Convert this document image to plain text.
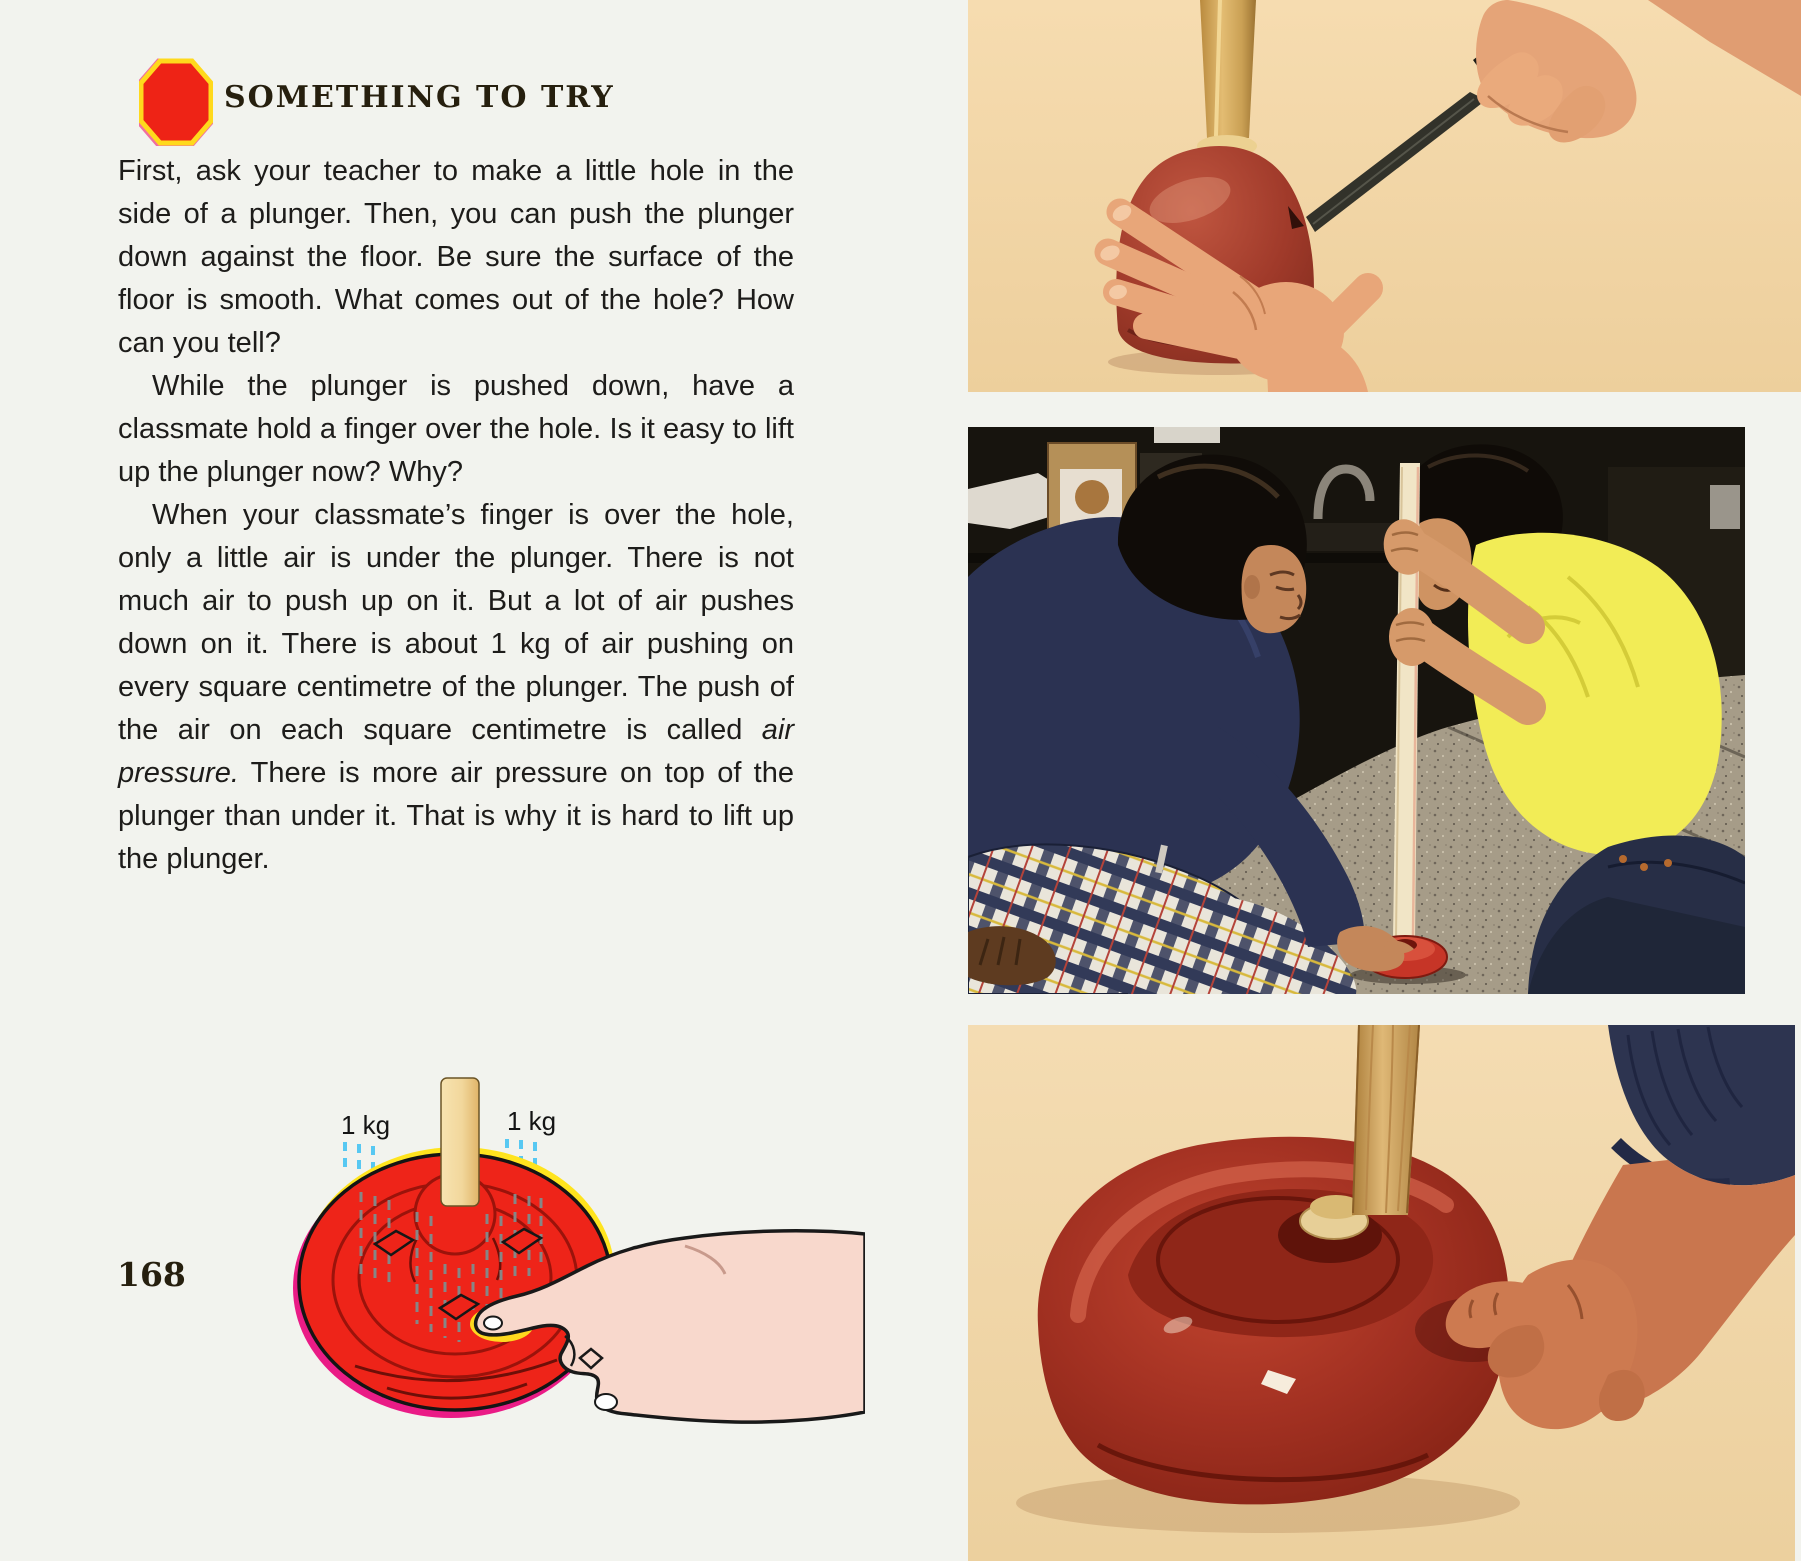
SOMETHING TO TRY

First, ask your teacher to make a little hole in the side of a plunger. Then, you can push the plunger down against the floor. Be sure the surface of the floor is smooth. What comes out of the hole? How can you tell?

While the plunger is pushed down, have a classmate hold a finger over the hole. Is it easy to lift up the plunger now? Why?

When your classmate’s finger is over the hole, only a little air is under the plunger. There is not much air to push up on it. But a lot of air pushes down on it. There is about 1 kg of air pushing on every square centimetre of the plunger. The push of the air on each square centimetre is called air pressure. There is more air pressure on top of the plunger than under it. That is why it is hard to lift up the plunger.

1 kg	1 kg
168
